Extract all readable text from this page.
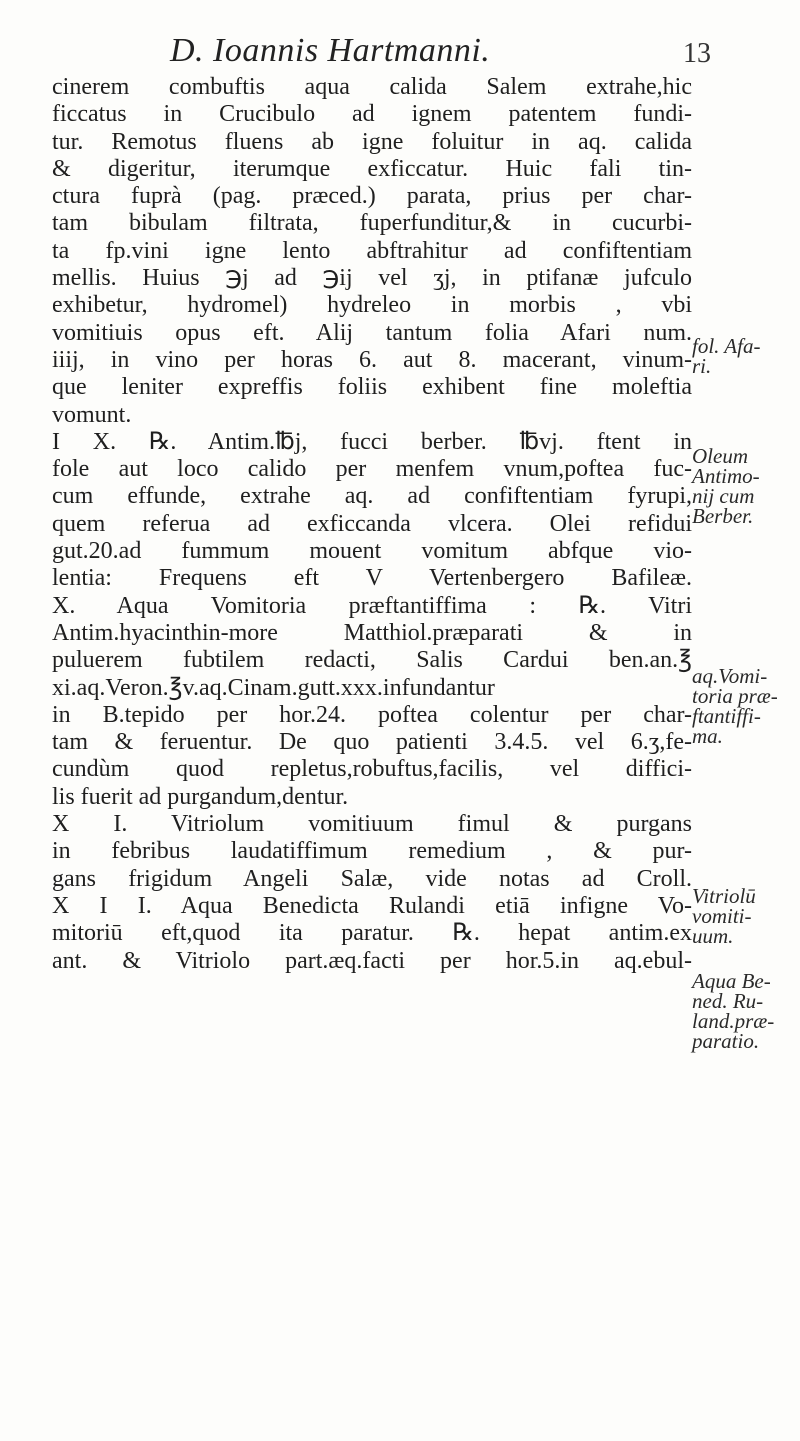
D. Ioannis Hartmanni.	13
cinerem combuftis aqua calida Salem extrahe,hic
ficcatus in Crucibulo ad ignem patentem fundi-
tur. Remotus fluens ab igne foluitur in aq. calida
& digeritur, iterumque exficcatur. Huic fali tin-
ctura fuprà (pag. præced.) parata, prius per char-
tam bibulam filtrata, fuperfunditur,& in cucurbi-
ta fp.vini igne lento abftrahitur ad confiftentiam
mellis. Huius ℈j ad ℈ij vel ʒj, in ptifanæ jufculo
exhibetur, hydromel) hydreleo in morbis , vbi
vomitiuis opus eft. Alij tantum folia Afari num.
iiij, in vino per horas 6. aut 8. macerant, vinum-
que leniter expreffis foliis exhibent fine moleftia
vomunt.
I X. ℞. Antim.℔j, fucci berber. ℔vj. ftent in
fole aut loco calido per menfem vnum,poftea fuc-
cum effunde, extrahe aq. ad confiftentiam fyrupi,
quem referua ad exficcanda vlcera. Olei refidui
gut.20.ad fummum mouent vomitum abfque vio-
lentia: Frequens eft V Vertenbergero Bafileæ.
X. Aqua Vomitoria præftantiffima : ℞. Vitri
Antim.hyacinthin-more Matthiol.præparati & in
puluerem fubtilem redacti, Salis Cardui ben.an.℥
xi.aq.Veron.℥v.aq.Cinam.gutt.xxx.infundantur
in B.tepido per hor.24. poftea colentur per char-
tam & feruentur. De quo patienti 3.4.5. vel 6.ʒ,fe-
cundùm quod repletus,robuftus,facilis, vel diffici-
lis fuerit ad purgandum,dentur.
X I. Vitriolum vomitiuum fimul & purgans
in febribus laudatiffimum remedium , & pur-
gans frigidum Angeli Salæ, vide notas ad Croll.
X I I. Aqua Benedicta Rulandi etiā infigne Vo-
mitoriū eft,quod ita paratur. ℞. hepat antim.ex
ant. & Vitriolo part.æq.facti per hor.5.in aq.ebul-
fol. Afa-
ri.
Oleum
Antimo-
nij cum
Berber.
aq.Vomi-
toria præ-
ftantiffi-
ma.
Vitriolū
vomiti-
uum.
Aqua Be-
ned. Ru-
land.præ-
paratio.
